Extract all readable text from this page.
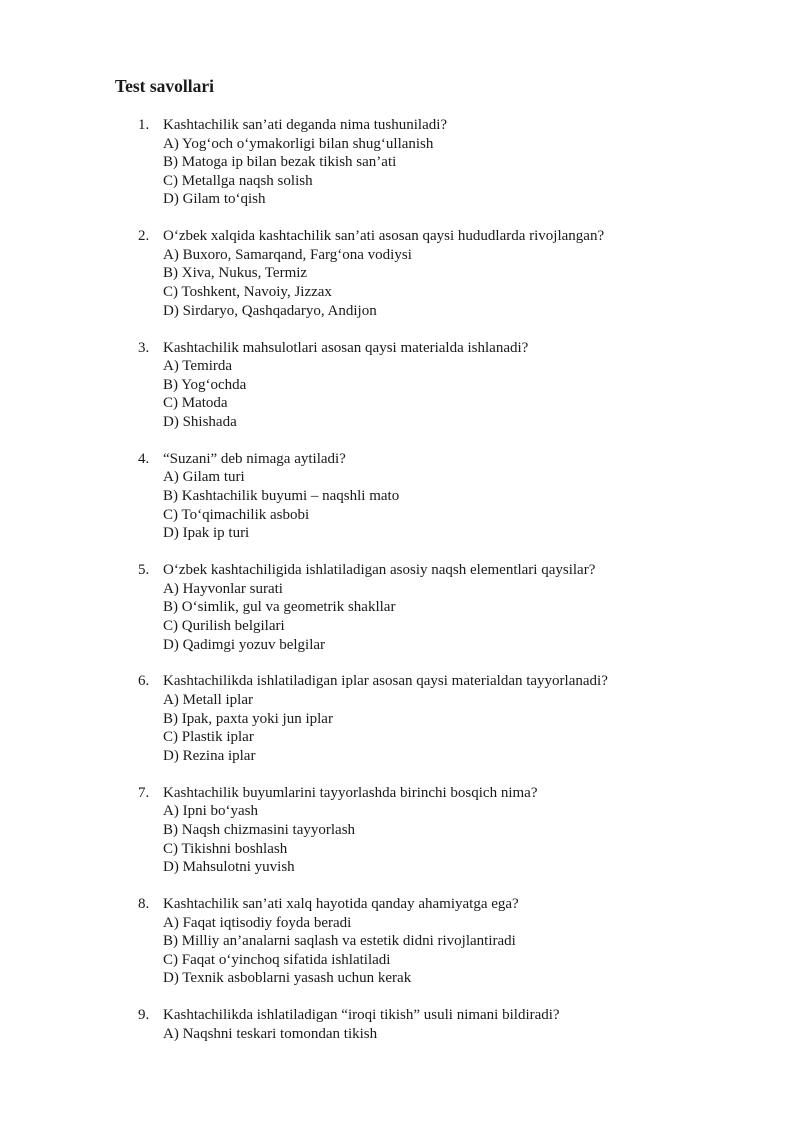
Test savollari
1. Kashtachilik san’ati deganda nima tushuniladi?
A) Yog‘och o‘ymakorligi bilan shug‘ullanish
B) Matoga ip bilan bezak tikish san’ati
C) Metallga naqsh solish
D) Gilam to‘qish
2. O‘zbek xalqida kashtachilik san’ati asosan qaysi hududlarda rivojlangan?
A) Buxoro, Samarqand, Farg‘ona vodiysi
B) Xiva, Nukus, Termiz
C) Toshkent, Navoiy, Jizzax
D) Sirdaryo, Qashqadaryo, Andijon
3. Kashtachilik mahsulotlari asosan qaysi materialda ishlanadi?
A) Temirda
B) Yog‘ochda
C) Matoda
D) Shishada
4. “Suzani” deb nimaga aytiladi?
A) Gilam turi
B) Kashtachilik buyumi – naqshli mato
C) To‘qimachilik asbobi
D) Ipak ip turi
5. O‘zbek kashtachiligida ishlatiladigan asosiy naqsh elementlari qaysilar?
A) Hayvonlar surati
B) O‘simlik, gul va geometrik shakllar
C) Qurilish belgilari
D) Qadimgi yozuv belgilar
6. Kashtachilikda ishlatiladigan iplar asosan qaysi materialdan tayyorlanadi?
A) Metall iplar
B) Ipak, paxta yoki jun iplar
C) Plastik iplar
D) Rezina iplar
7. Kashtachilik buyumlarini tayyorlashda birinchi bosqich nima?
A) Ipni bo‘yash
B) Naqsh chizmasini tayyorlash
C) Tikishni boshlash
D) Mahsulotni yuvish
8. Kashtachilik san’ati xalq hayotida qanday ahamiyatga ega?
A) Faqat iqtisodiy foyda beradi
B) Milliy an’analarni saqlash va estetik didni rivojlantiradi
C) Faqat o‘yinchoq sifatida ishlatiladi
D) Texnik asboblarni yasash uchun kerak
9. Kashtachilikda ishlatiladigan “iroqi tikish” usuli nimani bildiradi?
A) Naqshni teskari tomondan tikish
